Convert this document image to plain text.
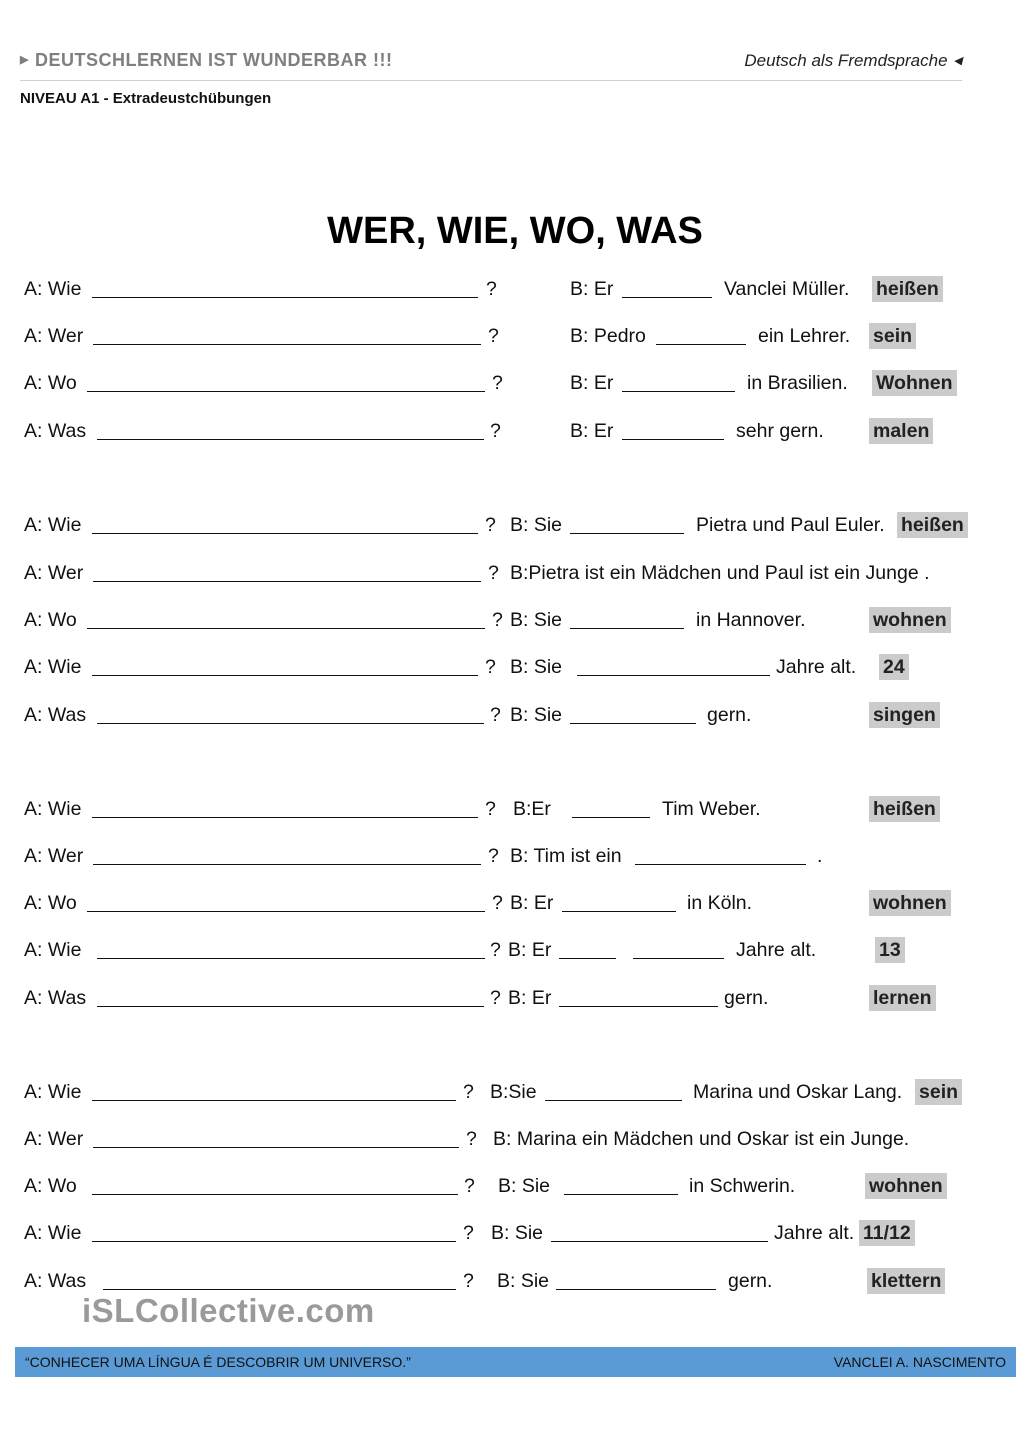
▶ DEUTSCHLERNEN IST WUNDERBAR !!!	Deutsch als Fremdsprache ◀
NIVEAU A1 - Extradeustchübungen
WER, WIE, WO, WAS
A: Wie	?	B: Er	Vanclei Müller. heißen
A: Wer	?	B: Pedro	ein Lehrer. sein
A: Wo	?	B: Er	in Brasilien. Wohnen
A: Was	?	B: Er	sehr gern.	malen
A: Wie	? B: Sie	Pietra und Paul Euler. heißen
A: Wer	? B:Pietra ist ein Mädchen und Paul ist ein Junge .
A: Wo	? B: Sie	in Hannover.	wohnen
A: Wie	? B: Sie	Jahre alt. 24
A: Was	? B: Sie	gern.	singen
A: Wie	? B:Er	Tim Weber.	heißen
A: Wer	? B: Tim ist ein	.
A: Wo	? B: Er	in Köln.	wohnen
A: Wie	? B: Er	Jahre alt.	13
A: Was	? B: Er	gern.	lernen
A: Wie	? B:Sie	Marina und Oskar Lang. sein
A: Wer	? B: Marina ein Mädchen und Oskar ist ein Junge.
A: Wo	? B: Sie	in Schwerin.	wohnen
A: Wie	? B: Sie	Jahre alt. 11/12
A: Was	? B: Sie	gern.	klettern
iSLCollective.com
“CONHECER UMA LÍNGUA É DESCOBRIR UM UNIVERSO.”	VANCLEI A. NASCIMENTO
